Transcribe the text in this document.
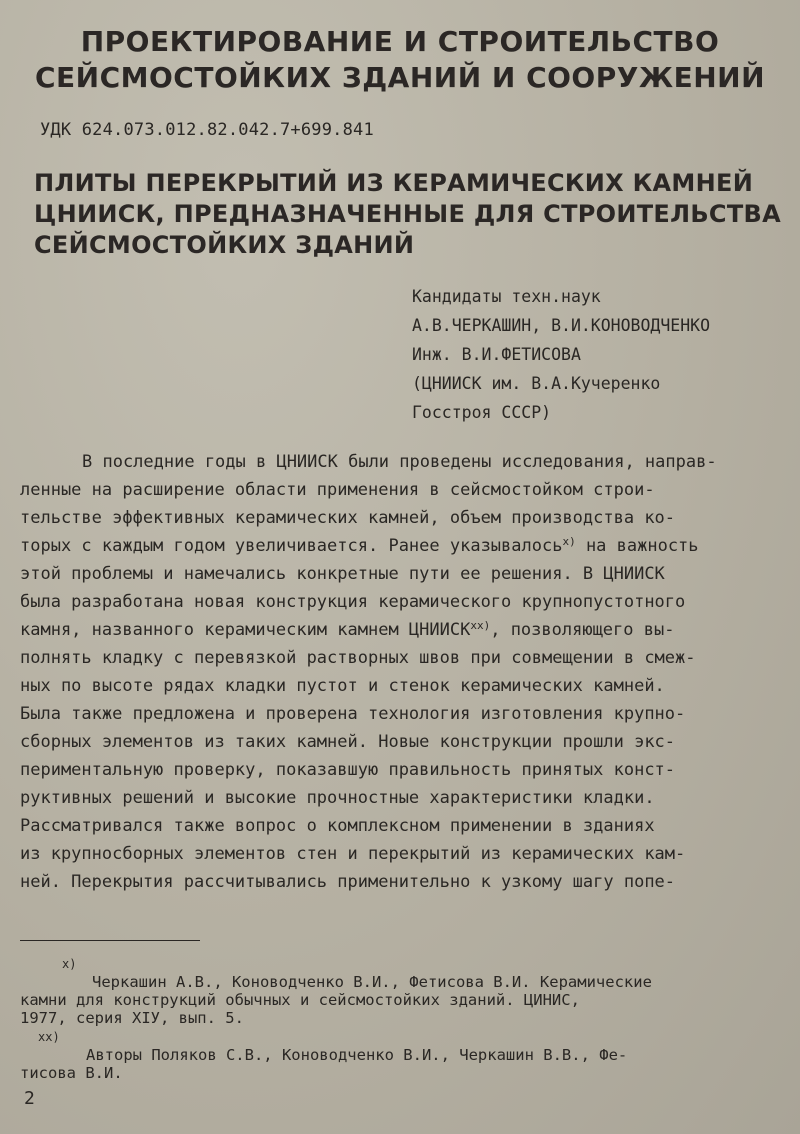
ПРОЕКТИРОВАНИЕ И СТРОИТЕЛЬСТВО
СЕЙСМОСТОЙКИХ ЗДАНИЙ И СООРУЖЕНИЙ
УДК 624.073.012.82.042.7+699.841
ПЛИТЫ ПЕРЕКРЫТИЙ ИЗ КЕРАМИЧЕСКИХ КАМНЕЙ
ЦНИИСК, ПРЕДНАЗНАЧЕННЫЕ ДЛЯ СТРОИТЕЛЬСТВА
СЕЙСМОСТОЙКИХ ЗДАНИЙ
Кандидаты техн.наук
А.В.ЧЕРКАШИН, В.И.КОНОВОДЧЕНКО
Инж. В.И.ФЕТИСОВА
(ЦНИИСК им. В.А.Кучеренко
Госстроя СССР)
В последние годы в ЦНИИСК были проведены исследования, направ-
ленные на расширение области применения в сейсмостойком строи-
тельстве эффективных керамических камней, объем производства ко-
торых с каждым годом увеличивается. Ранее указывалось$^{х)}$ на важность
этой проблемы и намечались конкретные пути ее решения. В ЦНИИСК
была разработана новая конструкция керамического крупнопустотного
камня, названного керамическим камнем $ЦНИИСК^{хх)}$, позволяющего вы-
полнять кладку с перевязкой растворных швов при совмещении в смеж-
ных по высоте рядах кладки пустот и стенок керамических камней.
Была также предложена и проверена технология изготовления крупно-
сборных элементов из таких камней. Новые конструкции прошли экс-
периментальную проверку, показавшую правильность принятых конст-
руктивных решений и высокие прочностные характеристики кладки.
Рассматривался также вопрос о комплексном применении в зданиях
из крупносборных элементов стен и перекрытий из керамических кам-
ней. Перекрытия рассчитывались применительно к узкому шагу попе-
х)
Черкашин А.В., Коноводченко В.И., Фетисова В.И. Керамические
камни для конструкций обычных и сейсмостойких зданий. ЦИНИС,
1977, серия XIУ, вып. 5.
хх)
Авторы Поляков С.В., Коноводченко В.И., Черкашин В.В., Фе-
тисова В.И.
2
